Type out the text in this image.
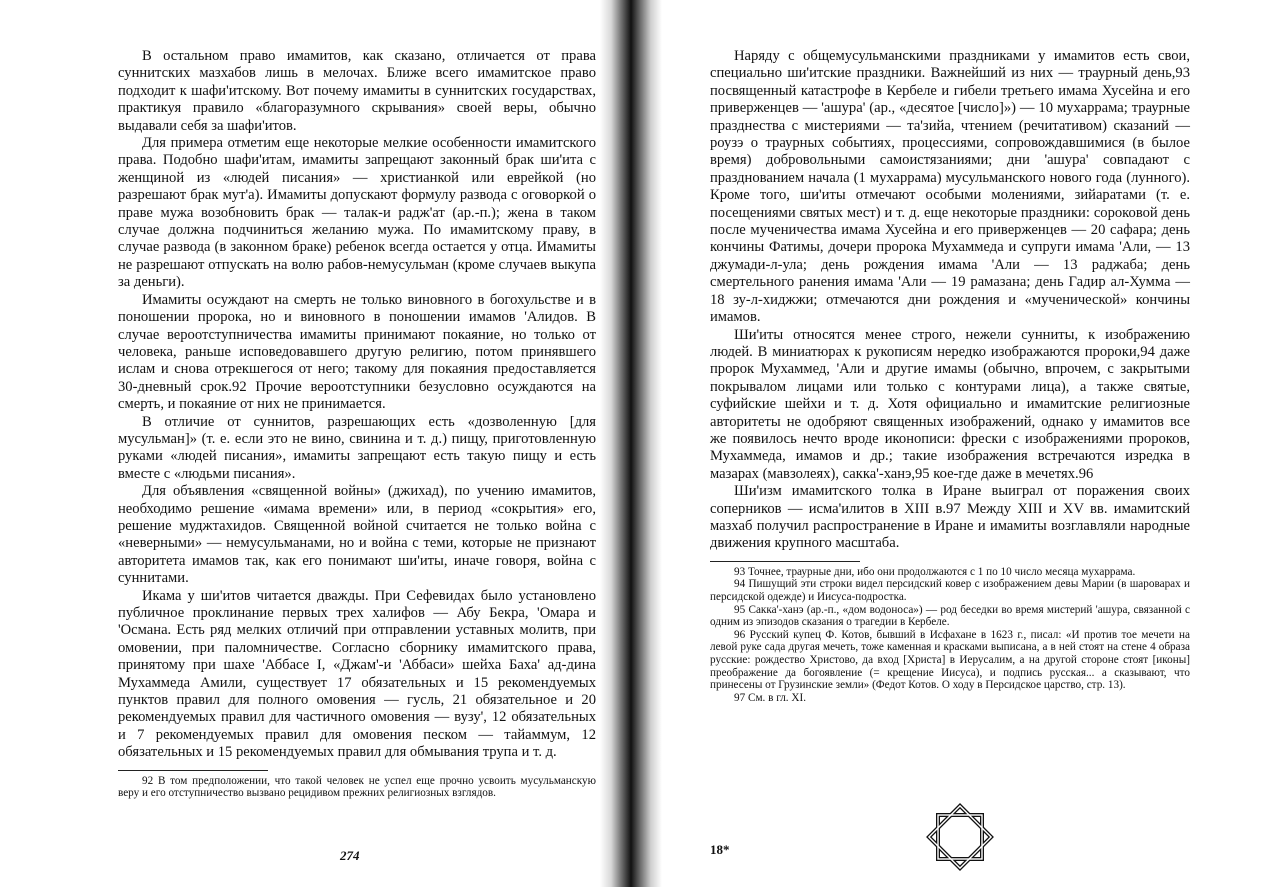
В остальном право имамитов, как сказано, отличается от права суннитских мазхабов лишь в мелочах. Ближе всего имамитское право подходит к шафи'итскому. Вот почему имамиты в суннитских государствах, практикуя правило «благоразумного скрывания» своей веры, обычно выдавали себя за шафи'итов.

Для примера отметим еще некоторые мелкие особенности имамитского права. Подобно шафи'итам, имамиты запрещают законный брак ши'ита с женщиной из «людей писания» — христианкой или еврейкой (но разрешают брак мут'а). Имамиты допускают формулу развода с оговоркой о праве мужа возобновить брак — талак-и радж'ат (ар.-п.); жена в таком случае должна подчиниться желанию мужа. По имамитскому праву, в случае развода (в законном браке) ребенок всегда остается у отца. Имамиты не разрешают отпускать на волю рабов-немусульман (кроме случаев выкупа за деньги).

Имамиты осуждают на смерть не только виновного в богохульстве и в поношении пророка, но и виновного в поношении имамов 'Алидов. В случае вероотступничества имамиты принимают покаяние, но только от человека, раньше исповедовавшего другую религию, потом принявшего ислам и снова отрекшегося от него; такому для покаяния предоставляется 30-дневный срок.92 Прочие вероотступники безусловно осуждаются на смерть, и покаяние от них не принимается.

В отличие от суннитов, разрешающих есть «дозволенную [для мусульман]» (т. е. если это не вино, свинина и т. д.) пищу, приготовленную руками «людей писания», имамиты запрещают есть такую пищу и есть вместе с «людьми писания».

Для объявления «священной войны» (джихад), по учению имамитов, необходимо решение «имама времени» или, в период «сокрытия» его, решение муджтахидов. Священной войной считается не только война с «неверными» — немусульманами, но и война с теми, которые не признают авторитета имамов так, как его понимают ши'иты, иначе говоря, война с суннитами.

Икама у ши'итов читается дважды. При Сефевидах было установлено публичное проклинание первых трех халифов — Абу Бекра, 'Омара и 'Османа. Есть ряд мелких отличий при отправлении уставных молитв, при омовении, при паломничестве. Согласно сборнику имамитского права, принятому при шахе 'Аббасе I, «Джам'-и 'Аббаси» шейха Баха' ад-дина Мухаммеда Амили, существует 17 обязательных и 15 рекомендуемых пунктов правил для полного омовения — гусль, 21 обязательное и 20 рекомендуемых правил для частичного омовения — вузу', 12 обязательных и 7 рекомендуемых правил для омовения песком — тайаммум, 12 обязательных и 15 рекомендуемых правил для обмывания трупа и т. д.

92 В том предположении, что такой человек не успел еще прочно усвоить мусульманскую веру и его отступничество вызвано рецидивом прежних религиозных взглядов.

274

Наряду с общемусульманскими праздниками у имамитов есть свои, специально ши'итские праздники. Важнейший из них — траурный день,93 посвященный катастрофе в Кербеле и гибели третьего имама Хусейна и его приверженцев — 'ашура' (ар., «десятое [число]») — 10 мухаррама; траурные празднества с мистериями — та'зийа, чтением (речитативом) сказаний — роузэ о траурных событиях, процессиями, сопровождавшимися (в былое время) добровольными самоистязаниями; дни 'ашура' совпадают с празднованием начала (1 мухаррама) мусульманского нового года (лунного). Кроме того, ши'иты отмечают особыми молениями, зийаратами (т. е. посещениями святых мест) и т. д. еще некоторые праздники: сороковой день после мученичества имама Хусейна и его приверженцев — 20 сафара; день кончины Фатимы, дочери пророка Мухаммеда и супруги имама 'Али, — 13 джумади-л-ула; день рождения имама 'Али — 13 раджаба; день смертельного ранения имама 'Али — 19 рамазана; день Гадир ал-Хумма — 18 зу-л-хиджжи; отмечаются дни рождения и «мученической» кончины имамов.

Ши'иты относятся менее строго, нежели сунниты, к изображению людей. В миниатюрах к рукописям нередко изображаются пророки,94 даже пророк Мухаммед, 'Али и другие имамы (обычно, впрочем, с закрытыми покрывалом лицами или только с контурами лица), а также святые, суфийские шейхи и т. д. Хотя официально и имамитские религиозные авторитеты не одобряют священных изображений, однако у имамитов все же появилось нечто вроде иконописи: фрески с изображениями пророков, Мухаммеда, имамов и др.; такие изображения встречаются изредка в мазарах (мавзолеях), сакка'-ханэ,95 кое-где даже в мечетях.96

Ши'изм имамитского толка в Иране выиграл от поражения своих соперников — исма'илитов в XIII в.97 Между XIII и XV вв. имамитский мазхаб получил распространение в Иране и имамиты возглавляли народные движения крупного масштаба.

93 Точнее, траурные дни, ибо они продолжаются с 1 по 10 число месяца мухаррама.

94 Пишущий эти строки видел персидский ковер с изображением девы Марии (в шароварах и персидской одежде) и Иисуса-подростка.

95 Сакка'-ханэ (ар.-п., «дом водоноса») — род беседки во время мистерий 'ашура, связанной с одним из эпизодов сказания о трагедии в Кербеле.

96 Русский купец Ф. Котов, бывший в Исфахане в 1623 г., писал: «И против тое мечети на левой руке сада другая мечеть, тоже каменная и красками выписана, а в ней стоят на стене 4 образа русские: рождество Христово, да вход [Христа] в Иерусалим, а на другой стороне стоят [иконы] преображение да богоявление (= крещение Иисуса), и подпись русская... а сказывают, что принесены от Грузинские земли» (Федот Котов. О ходу в Персидское царство, стр. 13).

97 См. в гл. XI.

18*
